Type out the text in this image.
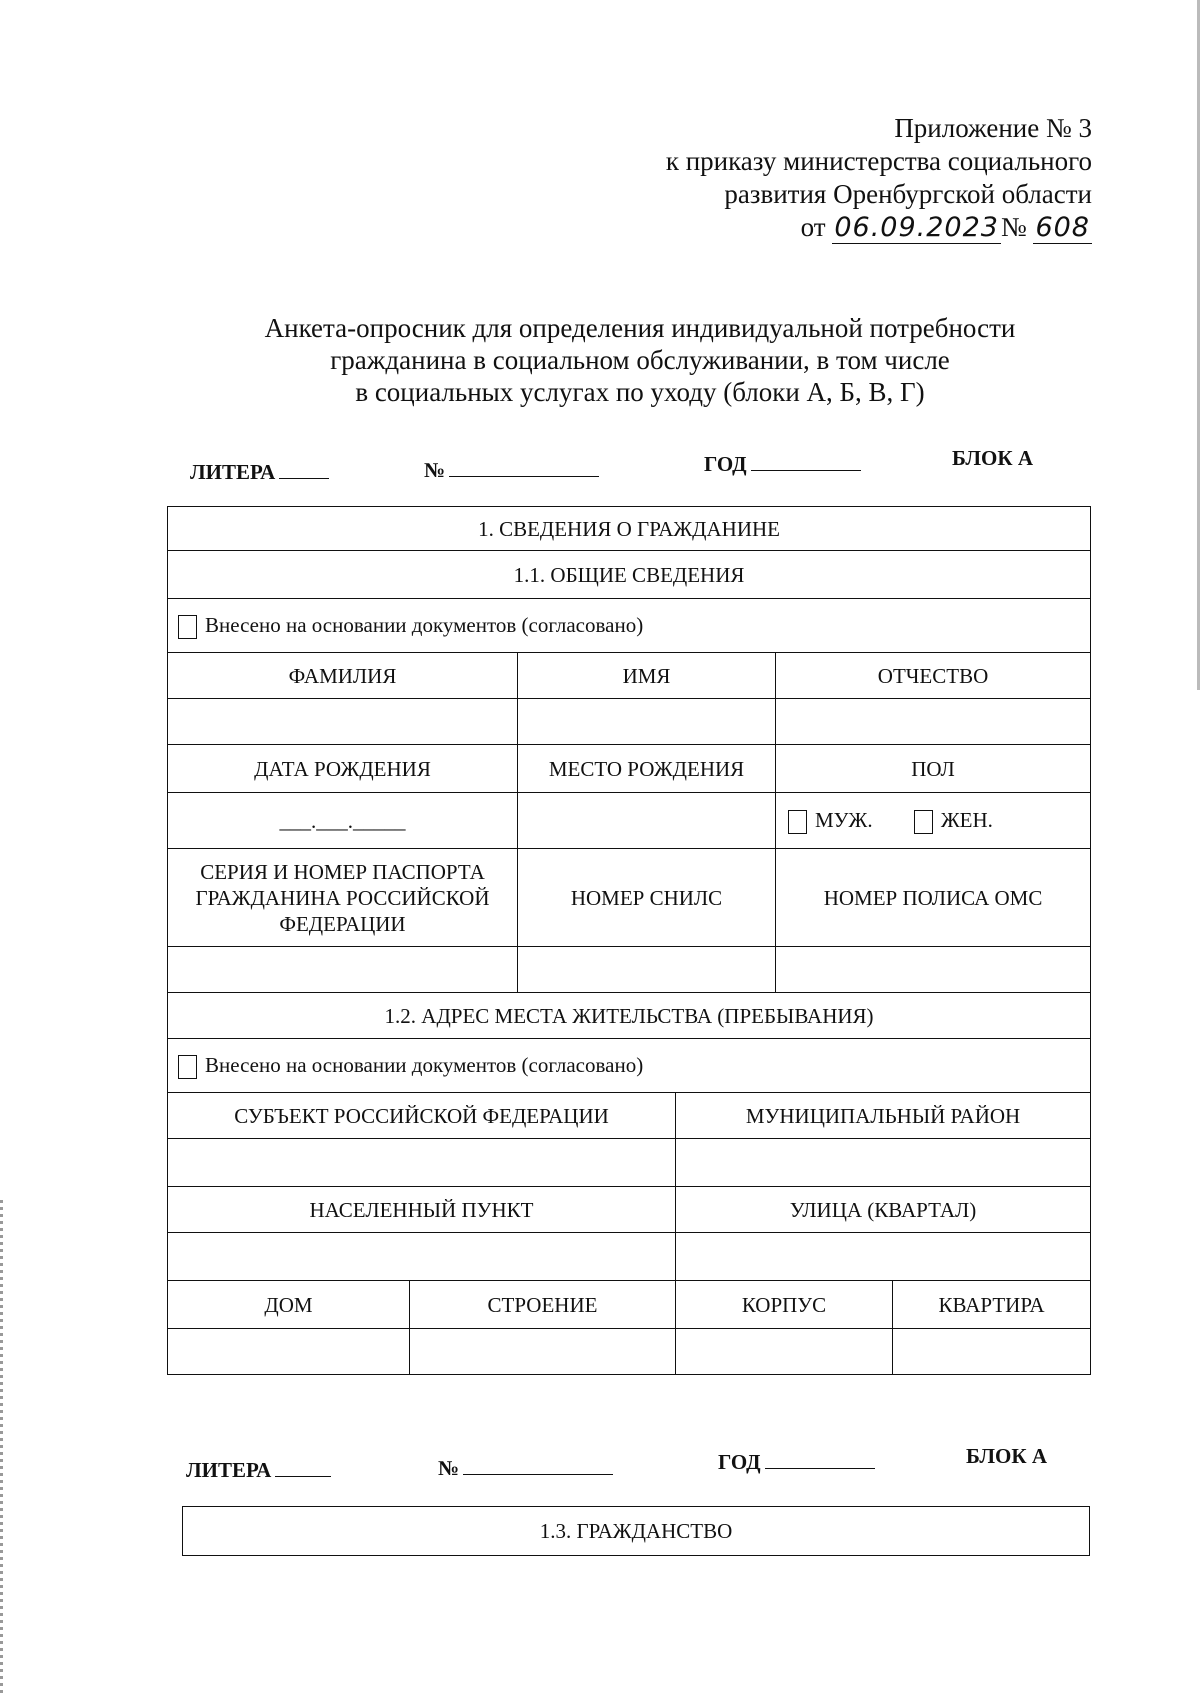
Приложение № 3
к приказу министерства социального
развития Оренбургской области
от 06.09.2023№ 608
Анкета-опросник для определения индивидуальной потребности
гражданина в социальном обслуживании, в том числе
в социальных услугах по уходу (блоки А, Б, В, Г)
ЛИТЕРА	№	ГОД	БЛОК А
1. СВЕДЕНИЯ О ГРАЖДАНИНЕ					
1.1. ОБЩИЕ СВЕДЕНИЯ					
Внесено на основании документов (согласовано)					
ФАМИЛИЯ		ИМЯ		ОТЧЕСТВО	

ДАТА РОЖДЕНИЯ		МЕСТО РОЖДЕНИЯ		ПОЛ	
___.___._____				МУЖ. ЖЕН.	
СЕРИЯ И НОМЕР ПАСПОРТА ГРАЖДАНИНА РОССИЙСКОЙ ФЕДЕРАЦИИ		НОМЕР СНИЛС		НОМЕР ПОЛИСА ОМС	

1.2. АДРЕС МЕСТА ЖИТЕЛЬСТВА (ПРЕБЫВАНИЯ)					
Внесено на основании документов (согласовано)					
СУБЪЕКТ РОССИЙСКОЙ ФЕДЕРАЦИИ			МУНИЦИПАЛЬНЫЙ РАЙОН		

НАСЕЛЕННЫЙ ПУНКТ			УЛИЦА (КВАРТАЛ)		

ДОМ	СТРОЕНИЕ		КОРПУС		КВАРТИРА

ЛИТЕРА	№	ГОД	БЛОК А
1.3. ГРАЖДАНСТВО
